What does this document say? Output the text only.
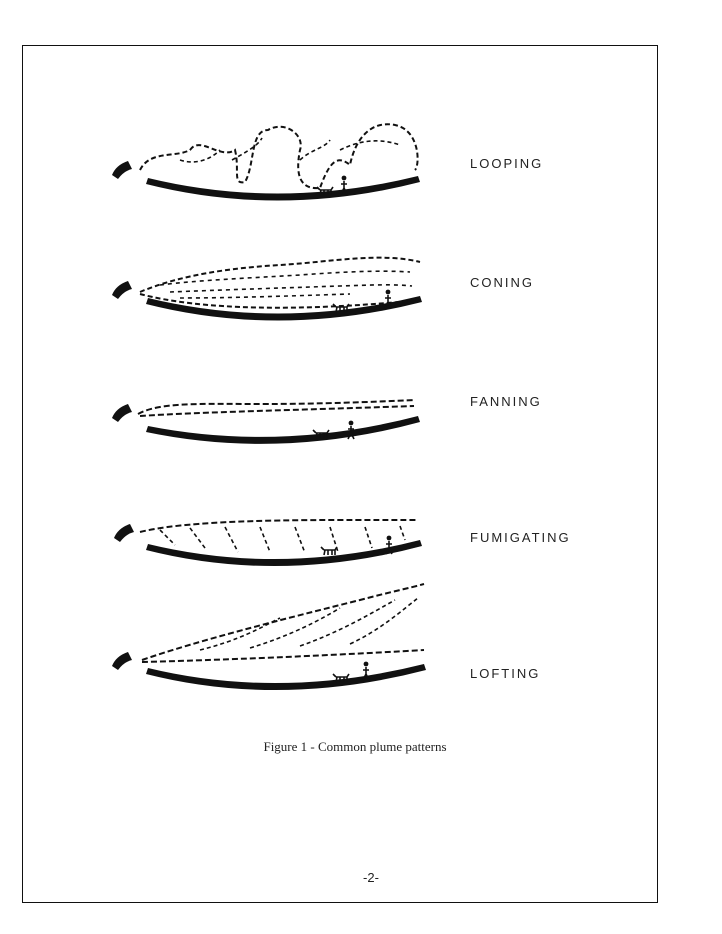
LOOPING
CONING
FANNING
FUMIGATING
LOFTING
Figure 1 - Common plume patterns
-2-
